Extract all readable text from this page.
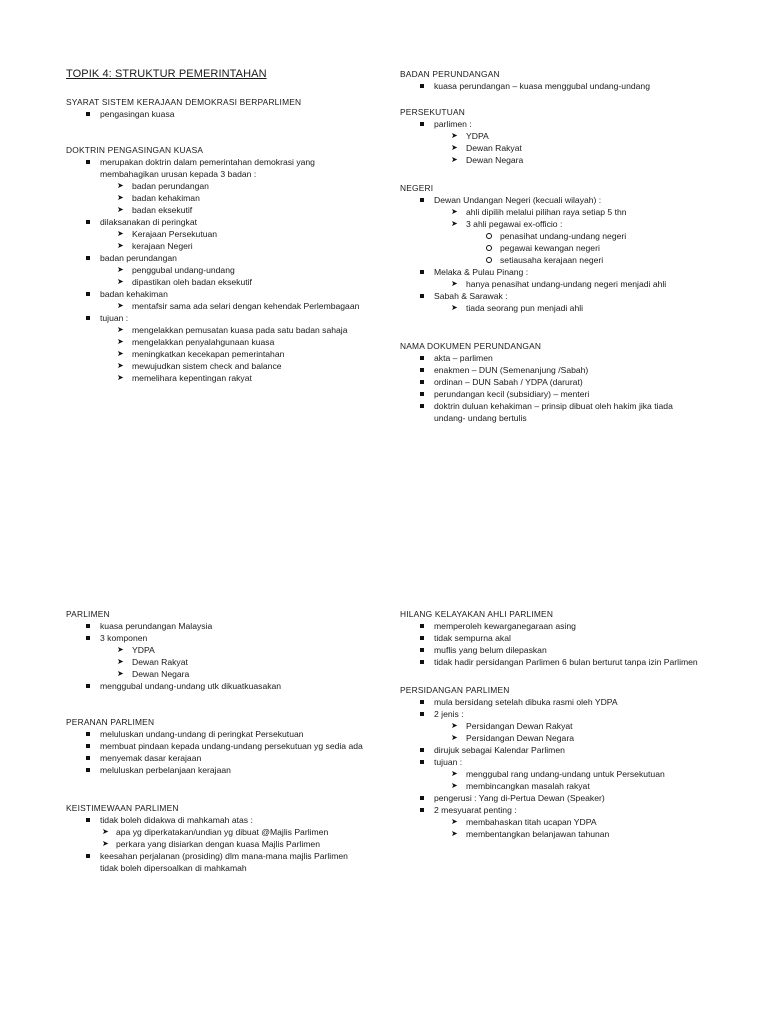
TOPIK 4: STRUKTUR PEMERINTAHAN
SYARAT SISTEM KERAJAAN DEMOKRASI BERPARLIMEN
pengasingan kuasa
DOKTRIN PENGASINGAN KUASA
merupakan doktrin dalam pemerintahan demokrasi yang membahagikan urusan kepada 3 badan :
➤ badan perundangan
➤ badan kehakiman
➤ badan eksekutif
dilaksanakan di peringkat
➤ Kerajaan Persekutuan
➤ kerajaan Negeri
badan perundangan
➤ penggubal undang-undang
➤ dipastikan oleh badan eksekutif
badan kehakiman
➤ mentafsir sama ada selari dengan kehendak Perlembagaan
tujuan :
➤ mengelakkan pemusatan kuasa pada satu badan sahaja
➤ mengelakkan penyalahgunaan kuasa
➤ meningkatkan kecekapan pemerintahan
➤ mewujudkan sistem check and balance
➤ memelihara kepentingan rakyat
BADAN PERUNDANGAN
kuasa perundangan – kuasa menggubal undang-undang
PERSEKUTUAN
parlimen :
➤ YDPA
➤ Dewan Rakyat
➤ Dewan Negara
NEGERI
Dewan Undangan Negeri (kecuali wilayah) :
➤ ahli dipilih melalui pilihan raya setiap 5 thn
➤ 3 ahli pegawai ex-officio :
penasihat undang-undang negeri
pegawai kewangan negeri
setiausaha kerajaan negeri
Melaka & Pulau Pinang :
➤ hanya penasihat undang-undang negeri menjadi ahli
Sabah & Sarawak :
➤ tiada seorang pun menjadi ahli
NAMA DOKUMEN PERUNDANGAN
akta – parlimen
enakmen – DUN (Semenanjung /Sabah)
ordinan – DUN Sabah / YDPA (darurat)
perundangan kecil (subsidiary) – menteri
doktrin duluan kehakiman – prinsip dibuat oleh hakim jika tiada undang- undang bertulis
PARLIMEN
kuasa perundangan Malaysia
3 komponen
➤ YDPA
➤ Dewan Rakyat
➤ Dewan Negara
menggubal undang-undang utk dikuatkuasakan
PERANAN PARLIMEN
meluluskan undang-undang di peringkat Persekutuan
membuat pindaan kepada undang-undang persekutuan yg sedia ada
menyemak dasar kerajaan
meluluskan perbelanjaan kerajaan
KEISTIMEWAAN PARLIMEN
tidak boleh didakwa di mahkamah atas :
➤ apa yg diperkatakan/undian yg dibuat @Majlis Parlimen
➤ perkara yang disiarkan dengan kuasa Majlis Parlimen
keesahan perjalanan (prosiding) dlm mana-mana majlis Parlimen tidak boleh dipersoalkan di mahkamah
HILANG KELAYAKAN AHLI PARLIMEN
memperoleh kewarganegaraan asing
tidak sempurna akal
muflis yang belum dilepaskan
tidak hadir persidangan Parlimen 6 bulan berturut tanpa izin Parlimen
PERSIDANGAN PARLIMEN
mula bersidang setelah dibuka rasmi oleh YDPA
2 jenis :
➤ Persidangan Dewan Rakyat
➤ Persidangan Dewan Negara
dirujuk sebagai Kalendar Parlimen
tujuan :
➤ menggubal rang undang-undang untuk Persekutuan
➤ membincangkan masalah rakyat
pengerusi : Yang di-Pertua Dewan (Speaker)
2 mesyuarat penting :
➤ membahaskan titah ucapan YDPA
➤ membentangkan belanjawan tahunan
